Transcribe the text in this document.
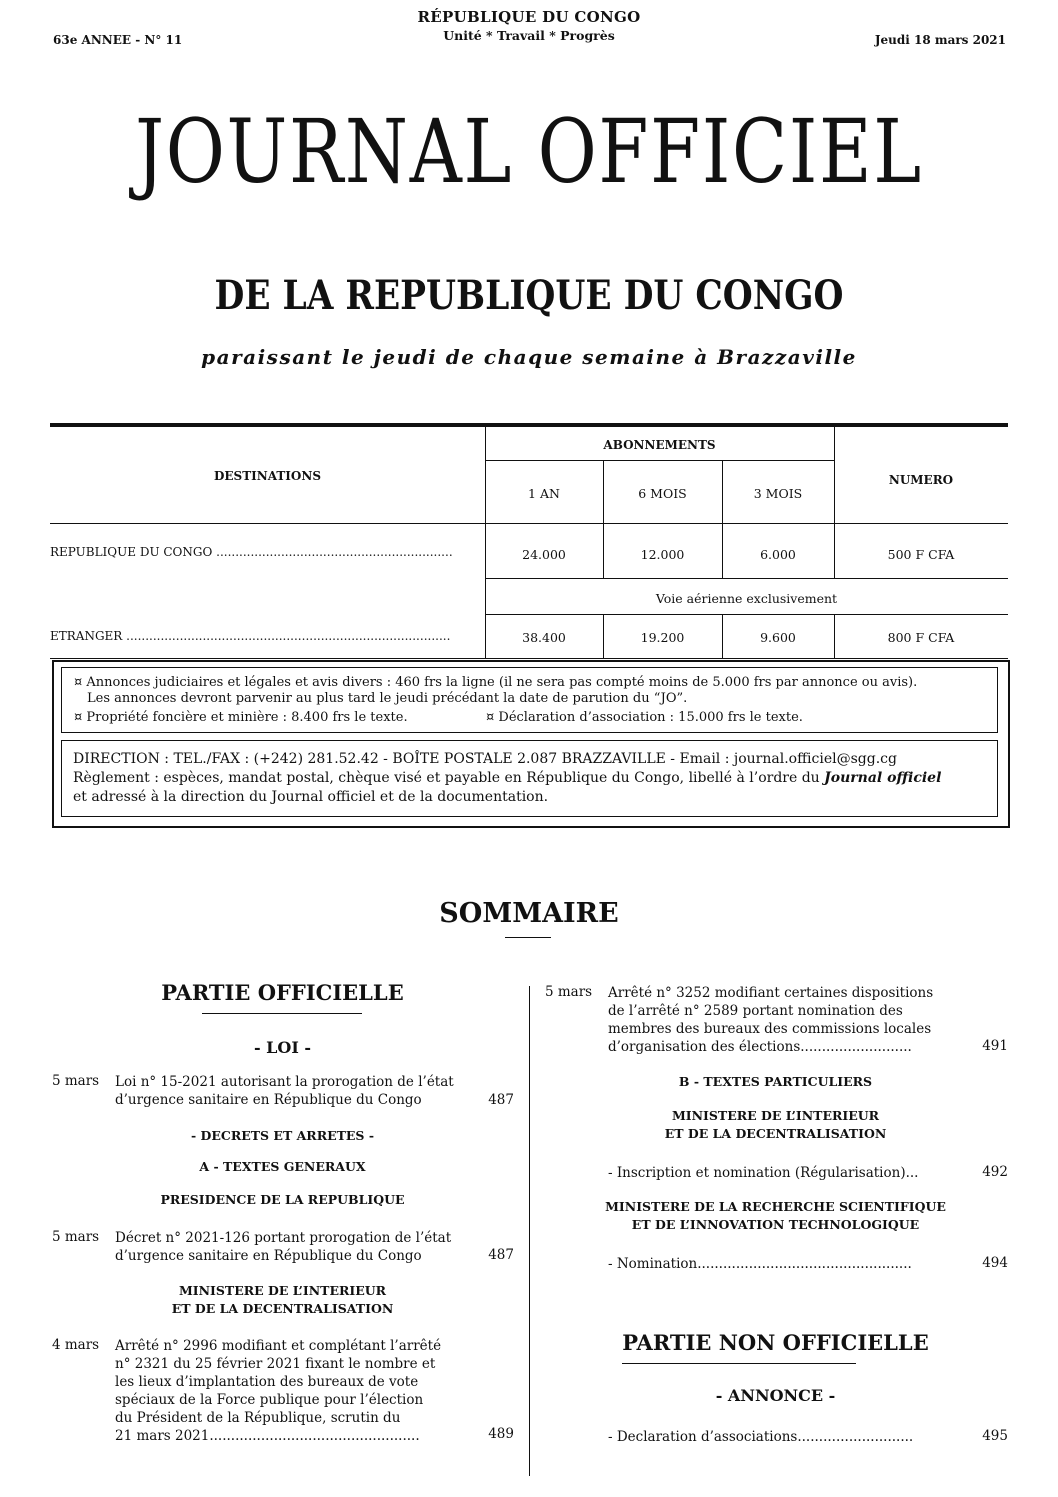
RÉPUBLIQUE DU CONGO
Unité * Travail * Progrès
63e ANNEE - N° 11	Jeudi 18 mars 2021
JOURNAL OFFICIEL
DE LA REPUBLIQUE DU CONGO
paraissant le jeudi de chaque semaine à Brazzaville
DESTINATIONS
ABONNEMENTS
1 AN	6 MOIS	3 MOIS
NUMERO
REPUBLIQUE DU CONGO ..............................................................	24.000	12.000	6.000	500 F CFA
Voie aérienne exclusivement
ETRANGER .....................................................................................	38.400	19.200	9.600	800 F CFA
¤ Annonces judiciaires et légales et avis divers : 460 frs la ligne (il ne sera pas compté moins de 5.000 frs par annonce ou avis).
Les annonces devront parvenir au plus tard le jeudi précédant la date de parution du “JO”.
¤ Propriété foncière et minière : 8.400 frs le texte.	¤ Déclaration d’association : 15.000 frs le texte.
DIRECTION : TEL./FAX : (+242) 281.52.42 - BOÎTE POSTALE 2.087 BRAZZAVILLE - Email : journal.officiel@sgg.cg
Règlement : espèces, mandat postal, chèque visé et payable en République du Congo, libellé à l’ordre du Journal officiel
et adressé à la direction du Journal officiel et de la documentation.
SOMMAIRE
PARTIE OFFICIELLE
- LOI -
5 mars Loi n° 15-2021 autorisant la prorogation de l’état
d’urgence sanitaire en République du Congo	487
- DECRETS ET ARRETES -
A - TEXTES GENERAUX
PRESIDENCE DE LA REPUBLIQUE
5 mars Décret n° 2021-126 portant prorogation de l’état
d’urgence sanitaire en République du Congo	487
MINISTERE DE L’INTERIEUR
ET DE LA DECENTRALISATION
4 mars Arrêté n° 2996 modifiant et complétant l’arrêté
n° 2321 du 25 février 2021 fixant le nombre et
les lieux d’implantation des bureaux de vote
spéciaux de la Force publique pour l’élection
du Président de la République, scrutin du
21 mars 2021.................................................	489
5 mars Arrêté n° 3252 modifiant certaines dispositions
de l’arrêté n° 2589 portant nomination des
membres des bureaux des commissions locales
d’organisation des élections..........................	491
B - TEXTES PARTICULIERS
MINISTERE DE L’INTERIEUR
ET DE LA DECENTRALISATION
- Inscription et nomination (Régularisation)...	492
MINISTERE DE LA RECHERCHE SCIENTIFIQUE
ET DE L’INNOVATION TECHNOLOGIQUE
- Nomination..................................................	494
PARTIE NON OFFICIELLE
- ANNONCE -
- Declaration d’associations...........................	495
